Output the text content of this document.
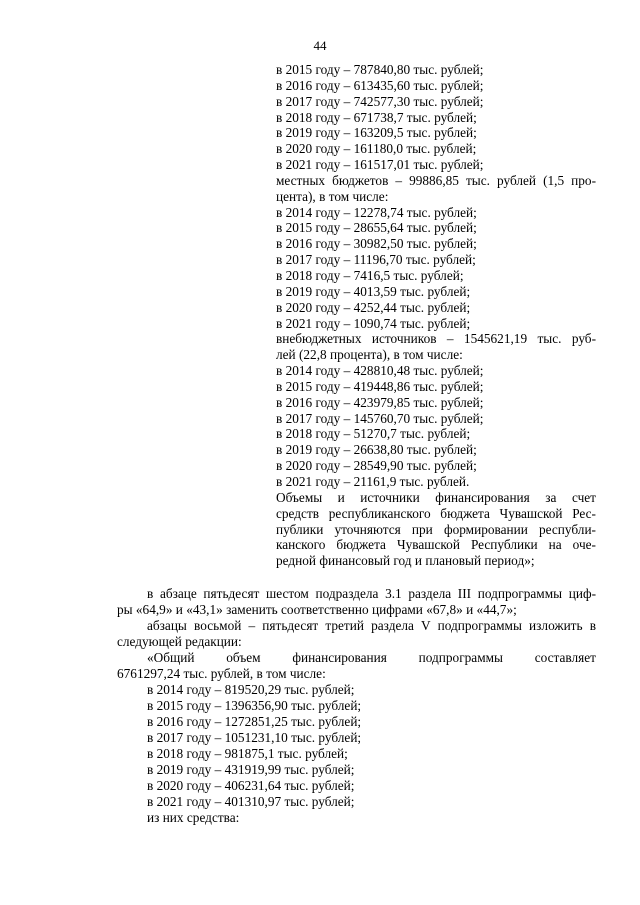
44

в 2015 году – 787840,80 тыс. рублей;

в 2016 году – 613435,60 тыс. рублей;

в 2017 году – 742577,30 тыс. рублей;

в 2018 году – 671738,7 тыс. рублей;

в 2019 году – 163209,5 тыс. рублей;

в 2020 году – 161180,0 тыс. рублей;

в 2021 году – 161517,01 тыс. рублей;

местных бюджетов – 99886,85 тыс. рублей (1,5 про-

цента), в том числе:

в 2014 году – 12278,74 тыс. рублей;

в 2015 году – 28655,64 тыс. рублей;

в 2016 году – 30982,50 тыс. рублей;

в 2017 году – 11196,70 тыс. рублей;

в 2018 году – 7416,5 тыс. рублей;

в 2019 году – 4013,59 тыс. рублей;

в 2020 году – 4252,44 тыс. рублей;

в 2021 году – 1090,74 тыс. рублей;

внебюджетных источников – 1545621,19 тыс. руб-

лей (22,8 процента), в том числе:

в 2014 году – 428810,48 тыс. рублей;

в 2015 году – 419448,86 тыс. рублей;

в 2016 году – 423979,85 тыс. рублей;

в 2017 году – 145760,70 тыс. рублей;

в 2018 году – 51270,7 тыс. рублей;

в 2019 году – 26638,80 тыс. рублей;

в 2020 году – 28549,90 тыс. рублей;

в 2021 году – 21161,9 тыс. рублей.

Объемы и источники финансирования за счет

средств республиканского бюджета Чувашской Рес-

публики уточняются при формировании республи-

канского бюджета Чувашской Республики на оче-

редной финансовый год и плановый период»;

в абзаце пятьдесят шестом подраздела 3.1 раздела III подпрограммы циф-

ры «64,9» и «43,1» заменить соответственно цифрами «67,8» и «44,7»;

абзацы восьмой – пятьдесят третий раздела V подпрограммы изложить в

следующей редакции:

«Общий объем финансирования подпрограммы составляет

6761297,24 тыс. рублей, в том числе:

в 2014 году – 819520,29 тыс. рублей;

в 2015 году – 1396356,90 тыс. рублей;

в 2016 году – 1272851,25 тыс. рублей;

в 2017 году – 1051231,10 тыс. рублей;

в 2018 году – 981875,1 тыс. рублей;

в 2019 году – 431919,99 тыс. рублей;

в 2020 году – 406231,64 тыс. рублей;

в 2021 году – 401310,97 тыс. рублей;

из них средства:
